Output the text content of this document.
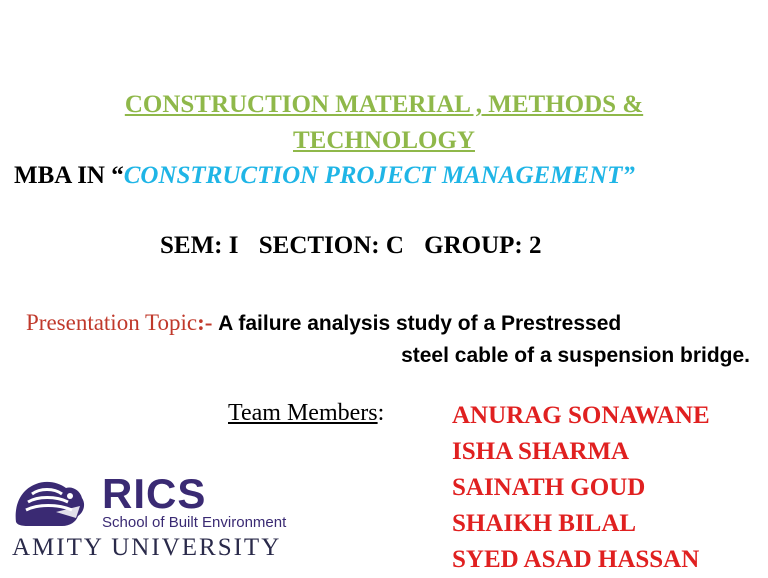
CONSTRUCTION MATERIAL , METHODS &
TECHNOLOGY
MBA IN “CONSTRUCTION PROJECT MANAGEMENT”
SEM: I SECTION: C GROUP: 2
Presentation Topic:- A failure analysis study of a Prestressed
steel cable of a suspension bridge.
Team Members:	ANURAG SONAWANE
ISHA SHARMA
SAINATH GOUD
SHAIKH BILAL
SYED ASAD HASSAN
RICS
School of Built Environment
AMITY UNIVERSITY
